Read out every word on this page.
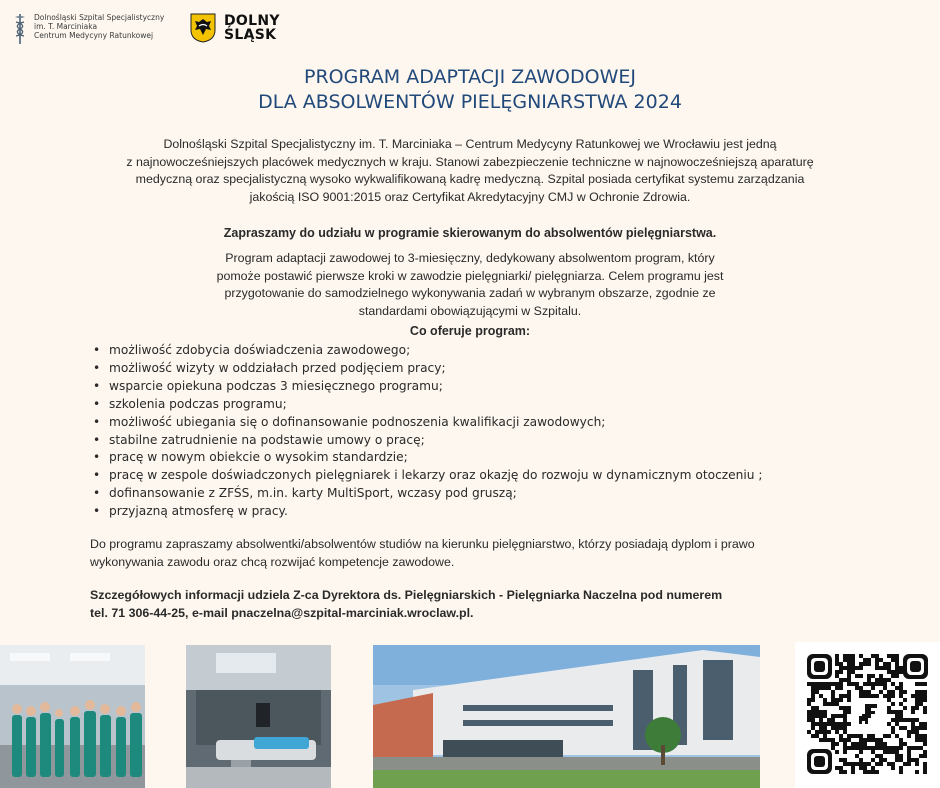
Dolnośląski Szpital Specjalistyczny
im. T. Marciniaka
Centrum Medycyny Ratunkowej
DOLNY
ŚLĄSK
PROGRAM ADAPTACJI ZAWODOWEJ
DLA ABSOLWENTÓW PIELĘGNIARSTWA 2024
Dolnośląski Szpital Specjalistyczny im. T. Marciniaka – Centrum Medycyny Ratunkowej we Wrocławiu jest jedną
z najnowocześniejszych placówek medycznych w kraju. Stanowi zabezpieczenie techniczne w najnowocześniejszą aparaturę
medyczną oraz specjalistyczną wysoko wykwalifikowaną kadrę medyczną. Szpital posiada certyfikat systemu zarządzania
jakością ISO 9001:2015 oraz Certyfikat Akredytacyjny CMJ w Ochronie Zdrowia.
Zapraszamy do udziału w programie skierowanym do absolwentów pielęgniarstwa.
Program adaptacji zawodowej to 3-miesięczny, dedykowany absolwentom program, który
pomoże postawić pierwsze kroki w zawodzie pielęgniarki/ pielęgniarza. Celem programu jest
przygotowanie do samodzielnego wykonywania zadań w wybranym obszarze, zgodnie ze
standardami obowiązującymi w Szpitalu.
Co oferuje program:
• możliwość zdobycia doświadczenia zawodowego;
• możliwość wizyty w oddziałach przed podjęciem pracy;
• wsparcie opiekuna podczas 3 miesięcznego programu;
• szkolenia podczas programu;
• możliwość ubiegania się o dofinansowanie podnoszenia kwalifikacji zawodowych;
• stabilne zatrudnienie na podstawie umowy o pracę;
• pracę w nowym obiekcie o wysokim standardzie;
• pracę w zespole doświadczonych pielęgniarek i lekarzy oraz okazję do rozwoju w dynamicznym otoczeniu ;
• dofinansowanie z ZFŚS, m.in. karty MultiSport, wczasy pod gruszą;
• przyjazną atmosferę w pracy.
Do programu zapraszamy absolwentki/absolwentów studiów na kierunku pielęgniarstwo, którzy posiadają dyplom i prawo
wykonywania zawodu oraz chcą rozwijać kompetencje zawodowe.
Szczegółowych informacji udziela Z-ca Dyrektora ds. Pielęgniarskich - Pielęgniarka Naczelna pod numerem
tel. 71 306-44-25, e-mail pnaczelna@szpital-marciniak.wroclaw.pl.
